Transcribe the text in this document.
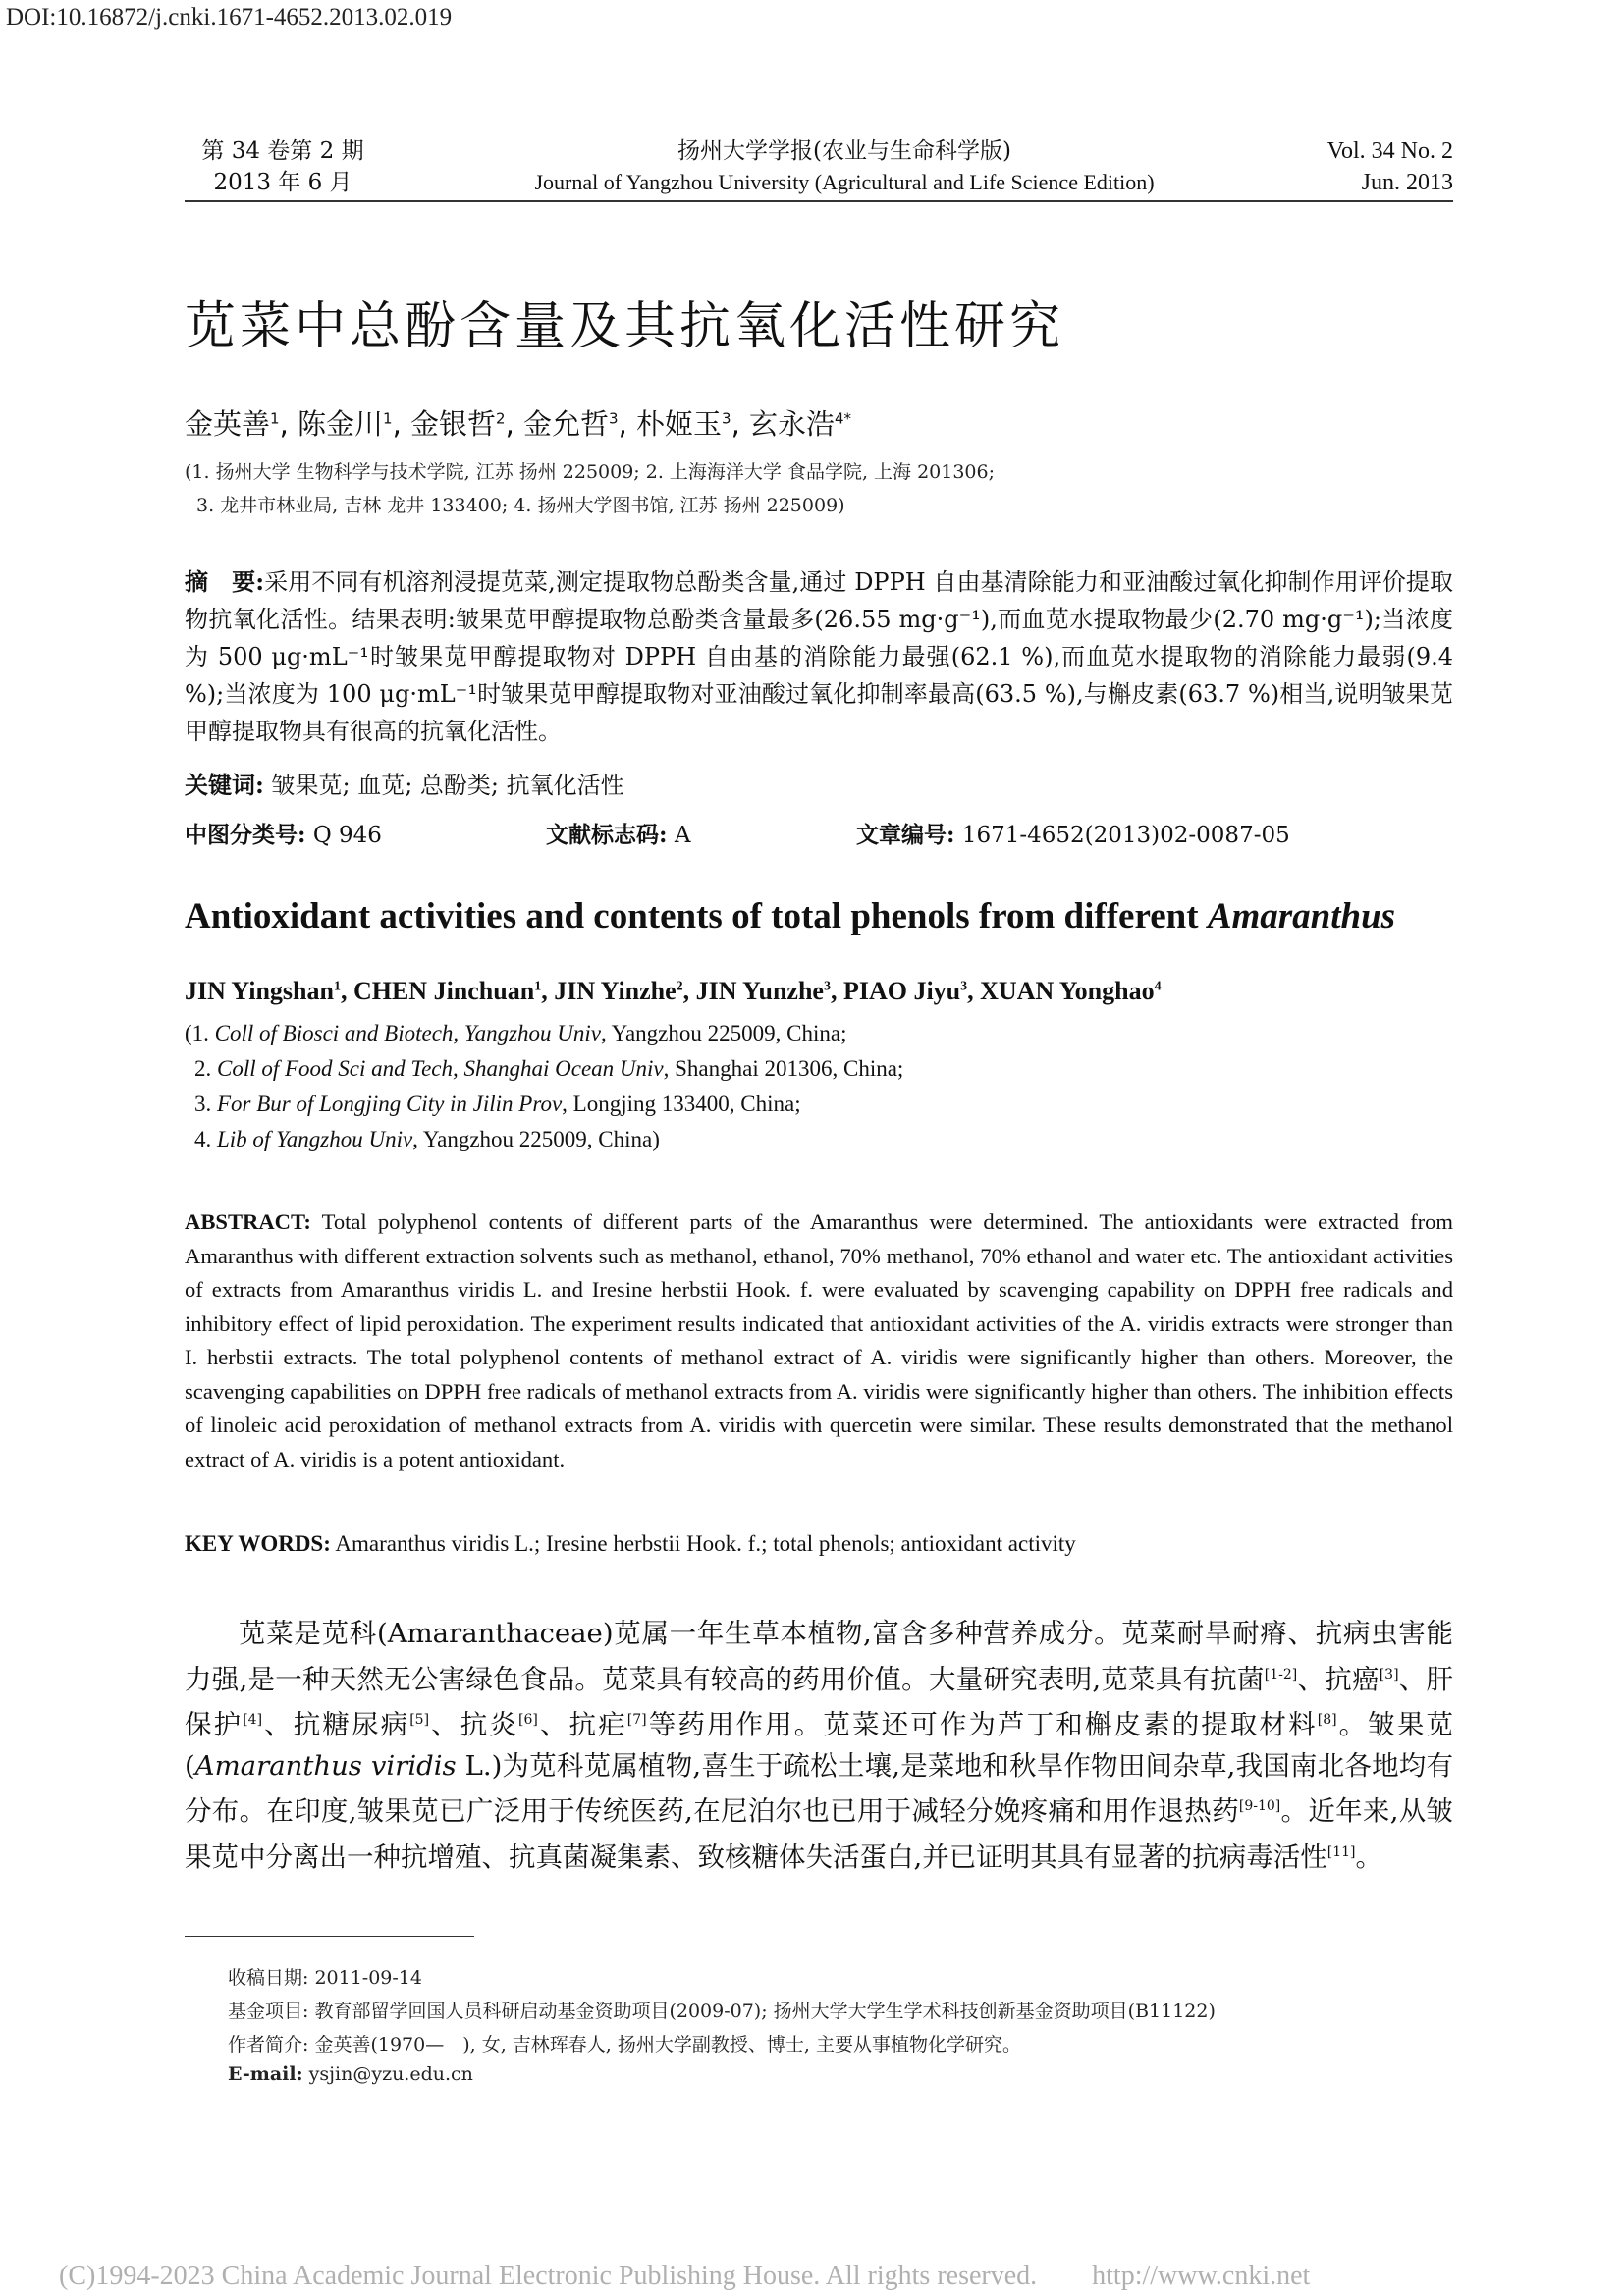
DOI:10.16872/j.cnki.1671-4652.2013.02.019
第 34 卷第 2 期
2013 年 6 月
扬州大学学报(农业与生命科学版)
Journal of Yangzhou University (Agricultural and Life Science Edition)
Vol. 34 No. 2
Jun. 2013
苋菜中总酚含量及其抗氧化活性研究
金英善$^1$, 陈金川$^1$, 金银哲$^2$, 金允哲$^3$, 朴姬玉$^3$, 玄永浩$^{4*}$
(1. 扬州大学 生物科学与技术学院, 江苏 扬州 225009; 2. 上海海洋大学 食品学院, 上海 201306;
3. 龙井市林业局, 吉林 龙井 133400; 4. 扬州大学图书馆, 江苏 扬州 225009)
摘　要:采用不同有机溶剂浸提苋菜,测定提取物总酚类含量,通过 DPPH 自由基清除能力和亚油酸过氧化抑制作用评价提取物抗氧化活性。结果表明:皱果苋甲醇提取物总酚类含量最多(26.55 mg·g⁻¹),而血苋水提取物最少(2.70 mg·g⁻¹);当浓度为 500 μg·mL⁻¹时皱果苋甲醇提取物对 DPPH 自由基的消除能力最强(62.1 %),而血苋水提取物的消除能力最弱(9.4 %);当浓度为 100 μg·mL⁻¹时皱果苋甲醇提取物对亚油酸过氧化抑制率最高(63.5 %),与槲皮素(63.7 %)相当,说明皱果苋甲醇提取物具有很高的抗氧化活性。
关键词: 皱果苋; 血苋; 总酚类; 抗氧化活性
中图分类号: Q 946	文献标志码: A	文章编号: 1671-4652(2013)02-0087-05
Antioxidant activities and contents of total phenols from different Amaranthus
JIN Yingshan$^1$, CHEN Jinchuan$^1$, JIN Yinzhe$^2$, JIN Yunzhe$^3$, PIAO Jiyu$^3$, XUAN Yonghao$^4$
(1. Coll of Biosci and Biotech, Yangzhou Univ, Yangzhou 225009, China;
2. Coll of Food Sci and Tech, Shanghai Ocean Univ, Shanghai 201306, China;
3. For Bur of Longjing City in Jilin Prov, Longjing 133400, China;
4. Lib of Yangzhou Univ, Yangzhou 225009, China)
ABSTRACT: Total polyphenol contents of different parts of the Amaranthus were determined. The antioxidants were extracted from Amaranthus with different extraction solvents such as methanol, ethanol, 70% methanol, 70% ethanol and water etc. The antioxidant activities of extracts from Amaranthus viridis L. and Iresine herbstii Hook. f. were evaluated by scavenging capability on DPPH free radicals and inhibitory effect of lipid peroxidation. The experiment results indicated that antioxidant activities of the A. viridis extracts were stronger than I. herbstii extracts. The total polyphenol contents of methanol extract of A. viridis were significantly higher than others. Moreover, the scavenging capabilities on DPPH free radicals of methanol extracts from A. viridis were significantly higher than others. The inhibition effects of linoleic acid peroxidation of methanol extracts from A. viridis with quercetin were similar. These results demonstrated that the methanol extract of A. viridis is a potent antioxidant.
KEY WORDS: Amaranthus viridis L.; Iresine herbstii Hook. f.; total phenols; antioxidant activity
苋菜是苋科(Amaranthaceae)苋属一年生草本植物,富含多种营养成分。苋菜耐旱耐瘠、抗病虫害能力强,是一种天然无公害绿色食品。苋菜具有较高的药用价值。大量研究表明,苋菜具有抗菌[1-2]、抗癌[3]、肝保护[4]、抗糖尿病[5]、抗炎[6]、抗疟[7]等药用作用。苋菜还可作为芦丁和槲皮素的提取材料[8]。皱果苋(Amaranthus viridis L.)为苋科苋属植物,喜生于疏松土壤,是菜地和秋旱作物田间杂草,我国南北各地均有分布。在印度,皱果苋已广泛用于传统医药,在尼泊尔也已用于减轻分娩疼痛和用作退热药[9-10]。近年来,从皱果苋中分离出一种抗增殖、抗真菌凝集素、致核糖体失活蛋白,并已证明其具有显著的抗病毒活性[11]。
收稿日期: 2011-09-14
基金项目: 教育部留学回国人员科研启动基金资助项目(2009-07); 扬州大学大学生学术科技创新基金资助项目(B11122)
作者简介: 金英善(1970—　), 女, 吉林珲春人, 扬州大学副教授、博士, 主要从事植物化学研究。
E-mail: ysjin@yzu.edu.cn
(C)1994-2023 China Academic Journal Electronic Publishing House. All rights reserved.　　http://www.cnki.net
